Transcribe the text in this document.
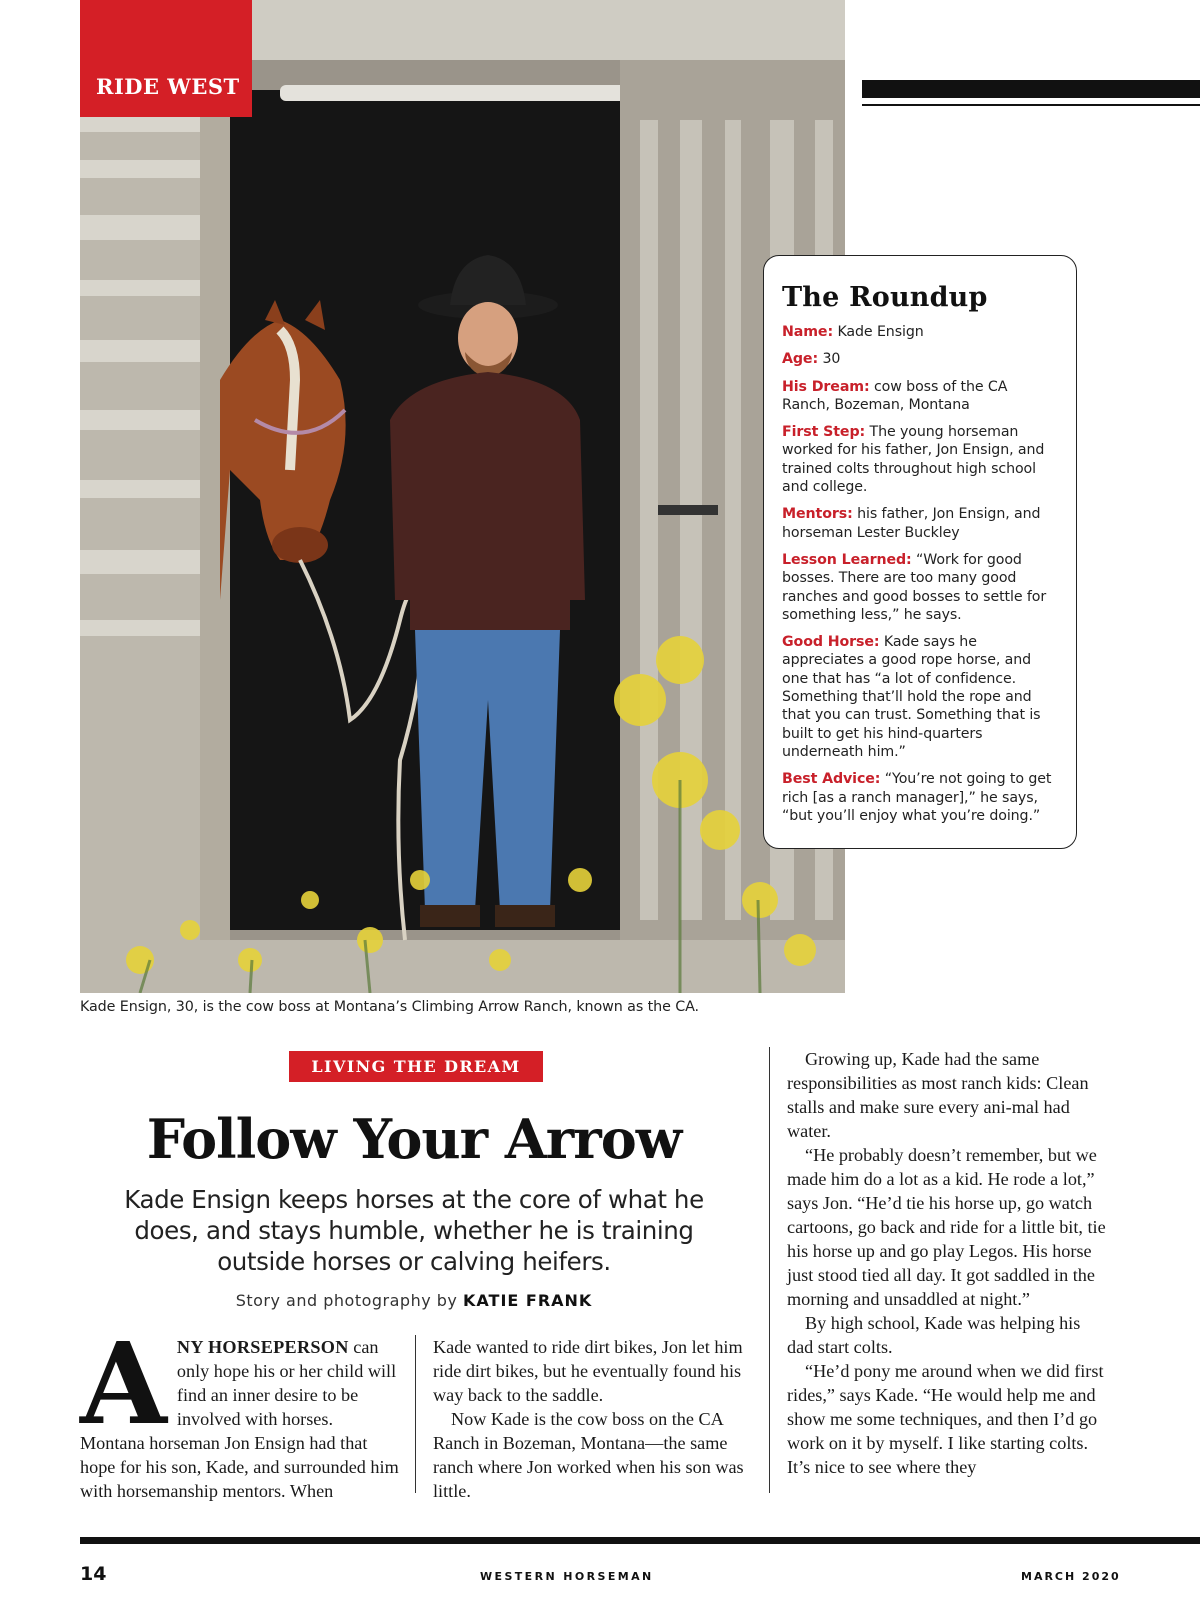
RIDE WEST
The Roundup

Name: Kade Ensign

Age: 30

His Dream: cow boss of the CA Ranch, Bozeman, Montana

First Step: The young horseman worked for his father, Jon Ensign, and trained colts throughout high school and college.

Mentors: his father, Jon Ensign, and horseman Lester Buckley

Lesson Learned: “Work for good bosses. There are too many good ranches and good bosses to settle for something less,” he says.

Good Horse: Kade says he appreciates a good rope horse, and one that has “a lot of confidence. Something that’ll hold the rope and that you can trust. Something that is built to get his hind-quarters underneath him.”

Best Advice: “You’re not going to get rich [as a ranch manager],” he says, “but you’ll enjoy what you’re doing.”

Kade Ensign, 30, is the cow boss at Montana’s Climbing Arrow Ranch, known as the CA.
LIVING THE DREAM
Follow Your Arrow
Kade Ensign keeps horses at the core of what he does, and stays humble, whether he is training outside horses or calving heifers.
Story and photography by KATIE FRANK
A NY HORSEPERSON can only hope his or her child will find an inner desire to be involved with horses. Montana horseman Jon Ensign had that hope for his son, Kade, and surrounded him with horsemanship mentors. When

Kade wanted to ride dirt bikes, Jon let him ride dirt bikes, but he eventually found his way back to the saddle.

Now Kade is the cow boss on the CA Ranch in Bozeman, Montana—the same ranch where Jon worked when his son was little.

Growing up, Kade had the same responsibilities as most ranch kids: Clean stalls and make sure every ani-mal had water.

“He probably doesn’t remember, but we made him do a lot as a kid. He rode a lot,” says Jon. “He’d tie his horse up, go watch cartoons, go back and ride for a little bit, tie his horse up and go play Legos. His horse just stood tied all day. It got saddled in the morning and unsaddled at night.”

By high school, Kade was helping his dad start colts.

“He’d pony me around when we did first rides,” says Kade. “He would help me and show me some techniques, and then I’d go work on it by myself. I like starting colts. It’s nice to see where they

14	WESTERN HORSEMAN	MARCH 2020
